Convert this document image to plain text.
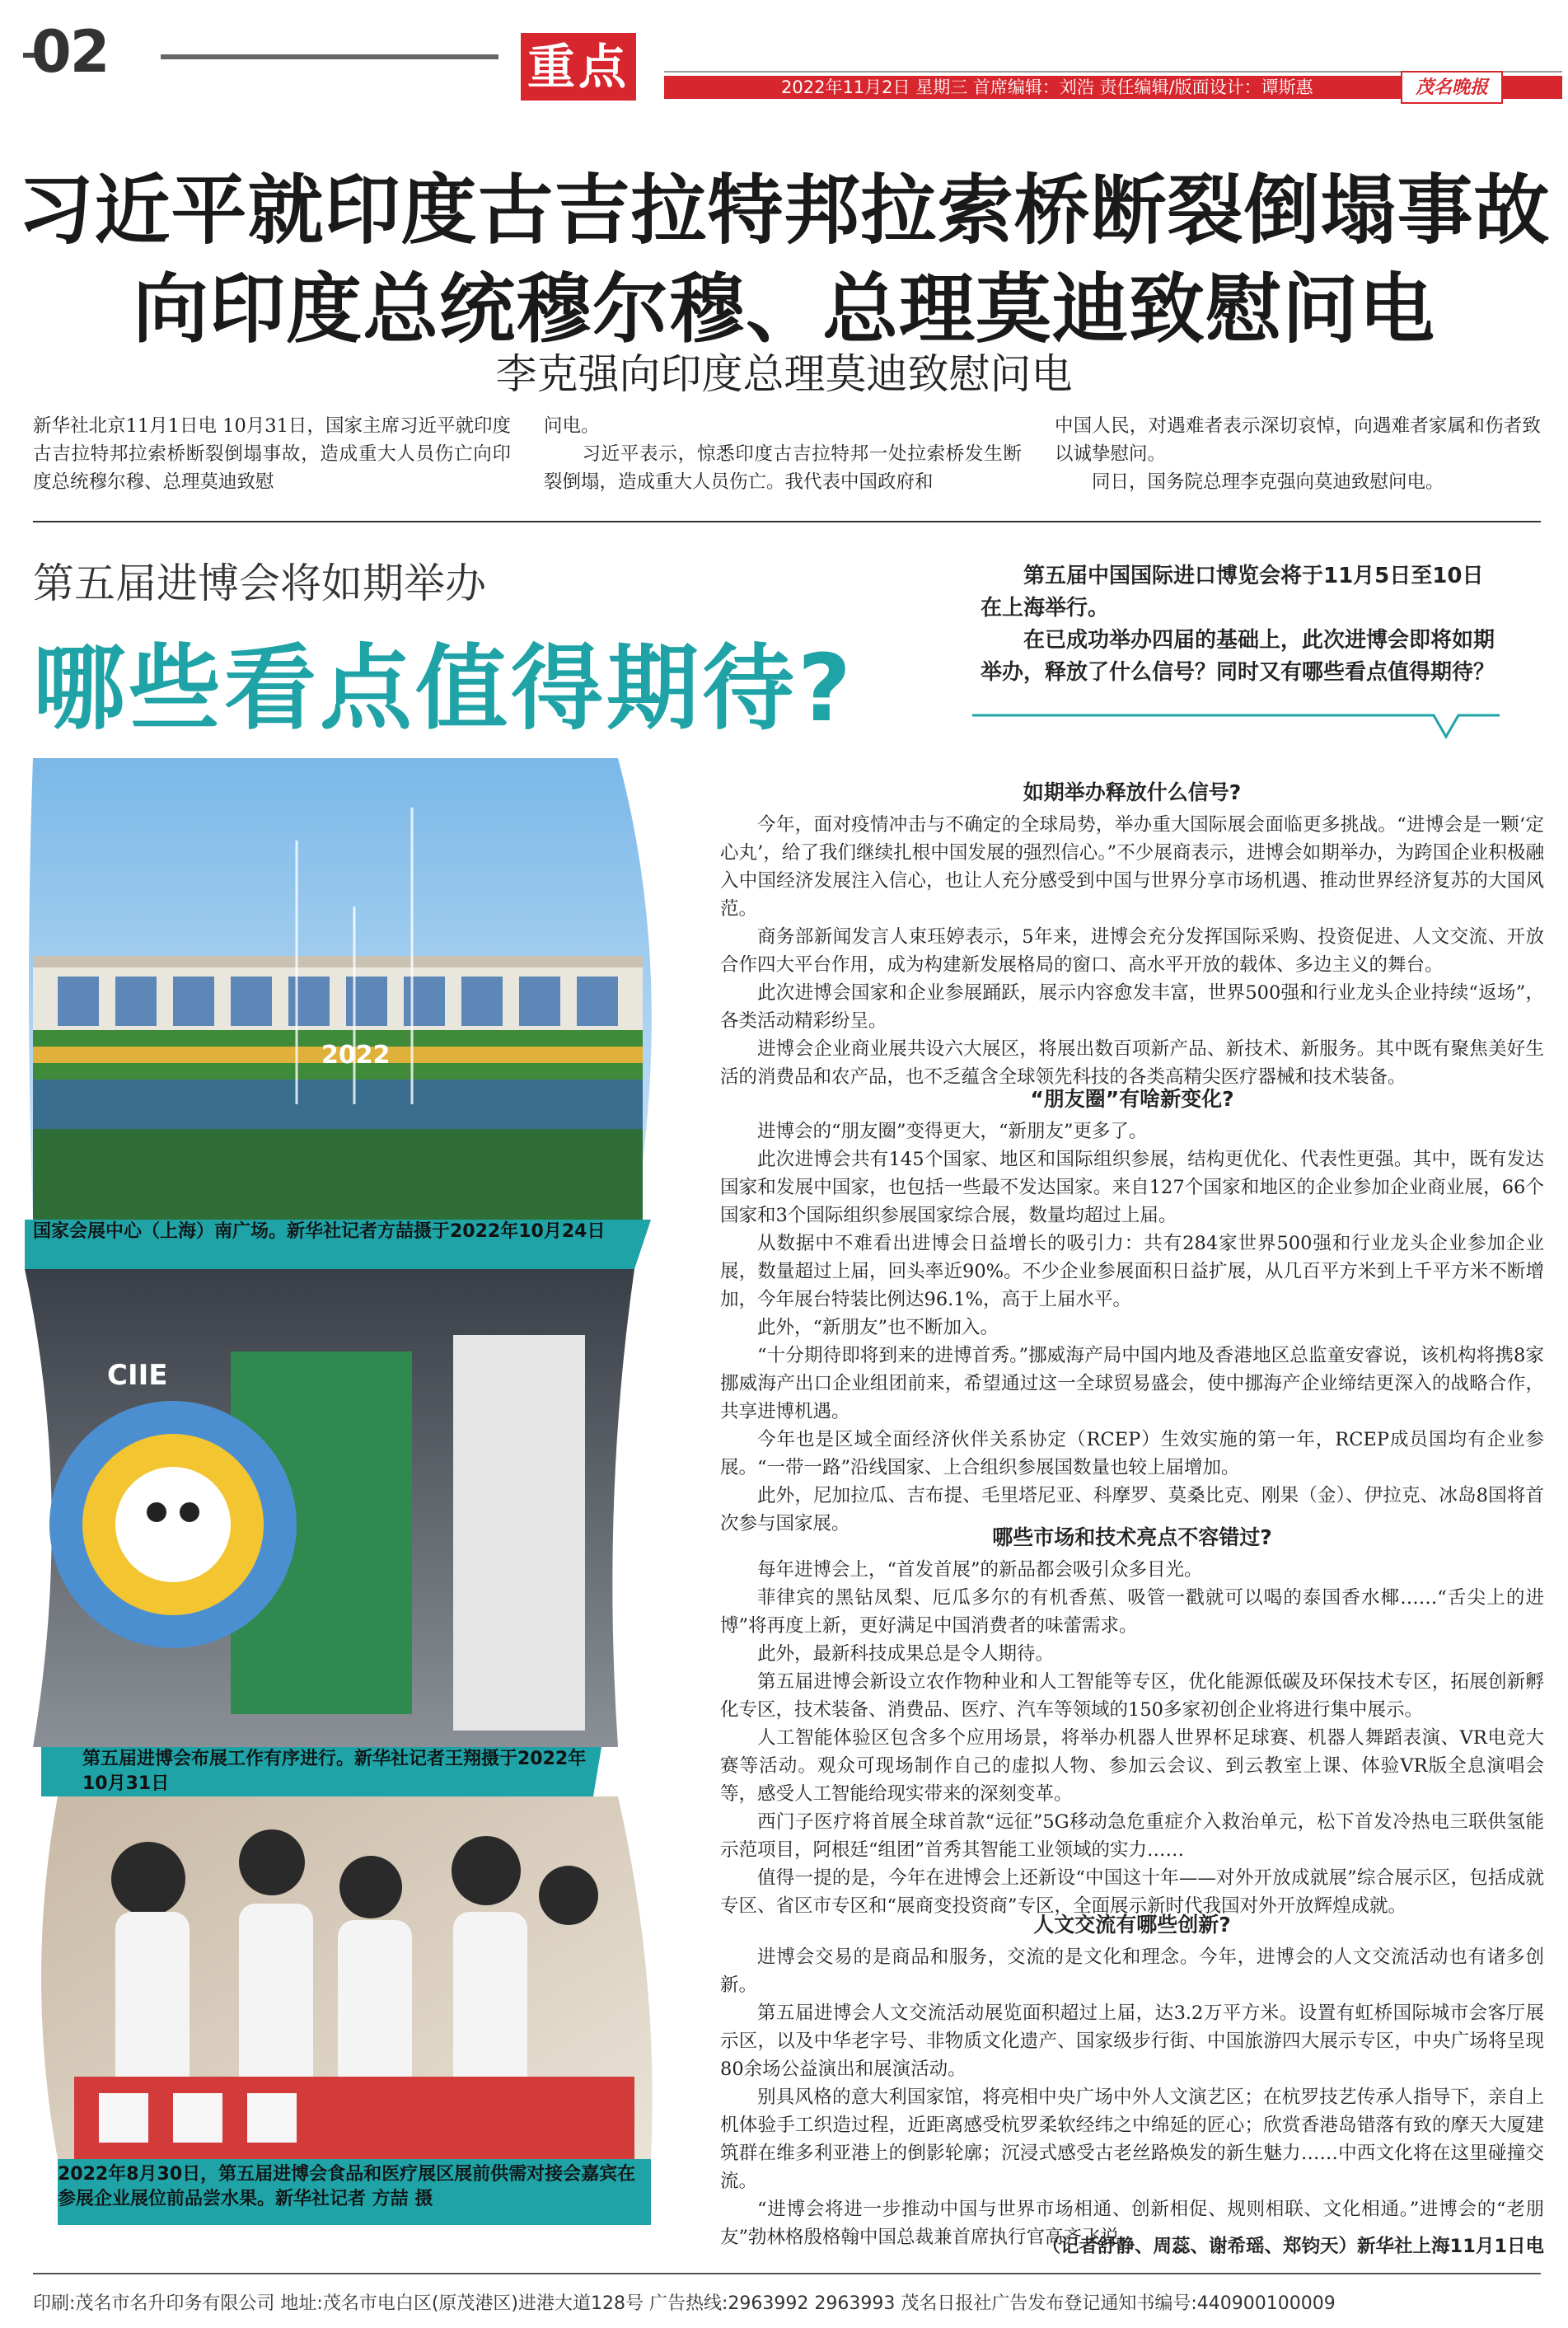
02	重点	2022年11月2日 星期三 首席编辑：刘浩 责任编辑/版面设计：谭斯惠	茂名晚报
习近平就印度古吉拉特邦拉索桥断裂倒塌事故
向印度总统穆尔穆、总理莫迪致慰问电
李克强向印度总理莫迪致慰问电
新华社北京11月1日电 10月31日，国家主席习近平就印度古吉拉特邦拉索桥断裂倒塌事故，造成重大人员伤亡向印度总统穆尔穆、总理莫迪致慰
问电。
　　习近平表示，惊悉印度古吉拉特邦一处拉索桥发生断裂倒塌，造成重大人员伤亡。我代表中国政府和
中国人民，对遇难者表示深切哀悼，向遇难者家属和伤者致以诚挚慰问。
　　同日，国务院总理李克强向莫迪致慰问电。
第五届进博会将如期举办
哪些看点值得期待?
　　第五届中国国际进口博览会将于11月5日至10日在上海举行。
　　在已成功举办四届的基础上，此次进博会即将如期举办，释放了什么信号？同时又有哪些看点值得期待？
2022
CIIE
国家会展中心（上海）南广场。新华社记者方喆摄于2022年10月24日
第五届进博会布展工作有序进行。新华社记者王翔摄于2022年10月31日
2022年8月30日，第五届进博会食品和医疗展区展前供需对接会嘉宾在参展企业展位前品尝水果。新华社记者 方喆 摄
如期举办释放什么信号?

今年，面对疫情冲击与不确定的全球局势，举办重大国际展会面临更多挑战。“进博会是一颗‘定心丸’，给了我们继续扎根中国发展的强烈信心。”不少展商表示，进博会如期举办，为跨国企业积极融入中国经济发展注入信心，也让人充分感受到中国与世界分享市场机遇、推动世界经济复苏的大国风范。

商务部新闻发言人束珏婷表示，5年来，进博会充分发挥国际采购、投资促进、人文交流、开放合作四大平台作用，成为构建新发展格局的窗口、高水平开放的载体、多边主义的舞台。

此次进博会国家和企业参展踊跃，展示内容愈发丰富，世界500强和行业龙头企业持续“返场”，各类活动精彩纷呈。

进博会企业商业展共设六大展区，将展出数百项新产品、新技术、新服务。其中既有聚焦美好生活的消费品和农产品，也不乏蕴含全球领先科技的各类高精尖医疗器械和技术装备。

“朋友圈”有啥新变化?

进博会的“朋友圈”变得更大，“新朋友”更多了。

此次进博会共有145个国家、地区和国际组织参展，结构更优化、代表性更强。其中，既有发达国家和发展中国家，也包括一些最不发达国家。来自127个国家和地区的企业参加企业商业展，66个国家和3个国际组织参展国家综合展，数量均超过上届。

从数据中不难看出进博会日益增长的吸引力：共有284家世界500强和行业龙头企业参加企业展，数量超过上届，回头率近90%。不少企业参展面积日益扩展，从几百平方米到上千平方米不断增加，今年展台特装比例达96.1%，高于上届水平。

此外，“新朋友”也不断加入。

“十分期待即将到来的进博首秀。”挪威海产局中国内地及香港地区总监童安睿说，该机构将携8家挪威海产出口企业组团前来，希望通过这一全球贸易盛会，使中挪海产企业缔结更深入的战略合作，共享进博机遇。

今年也是区域全面经济伙伴关系协定（RCEP）生效实施的第一年，RCEP成员国均有企业参展。“一带一路”沿线国家、上合组织参展国数量也较上届增加。

此外，尼加拉瓜、吉布提、毛里塔尼亚、科摩罗、莫桑比克、刚果（金）、伊拉克、冰岛8国将首次参与国家展。

哪些市场和技术亮点不容错过?

每年进博会上，“首发首展”的新品都会吸引众多目光。

菲律宾的黑钻凤梨、厄瓜多尔的有机香蕉、吸管一戳就可以喝的泰国香水椰……“舌尖上的进博”将再度上新，更好满足中国消费者的味蕾需求。

此外，最新科技成果总是令人期待。

第五届进博会新设立农作物种业和人工智能等专区，优化能源低碳及环保技术专区，拓展创新孵化专区，技术装备、消费品、医疗、汽车等领域的150多家初创企业将进行集中展示。

人工智能体验区包含多个应用场景，将举办机器人世界杯足球赛、机器人舞蹈表演、VR电竞大赛等活动。观众可现场制作自己的虚拟人物、参加云会议、到云教室上课、体验VR版全息演唱会等，感受人工智能给现实带来的深刻变革。

西门子医疗将首展全球首款“远征”5G移动急危重症介入救治单元，松下首发冷热电三联供氢能示范项目，阿根廷“组团”首秀其智能工业领域的实力……

值得一提的是，今年在进博会上还新设“中国这十年——对外开放成就展”综合展示区，包括成就专区、省区市专区和“展商变投资商”专区，全面展示新时代我国对外开放辉煌成就。

人文交流有哪些创新?

进博会交易的是商品和服务，交流的是文化和理念。今年，进博会的人文交流活动也有诸多创新。

第五届进博会人文交流活动展览面积超过上届，达3.2万平方米。设置有虹桥国际城市会客厅展示区，以及中华老字号、非物质文化遗产、国家级步行街、中国旅游四大展示专区，中央广场将呈现80余场公益演出和展演活动。

别具风格的意大利国家馆，将亮相中央广场中外人文演艺区；在杭罗技艺传承人指导下，亲自上机体验手工织造过程，近距离感受杭罗柔软经纬之中绵延的匠心；欣赏香港岛错落有致的摩天大厦建筑群在维多利亚港上的倒影轮廓；沉浸式感受古老丝路焕发的新生魅力……中西文化将在这里碰撞交流。

“进博会将进一步推动中国与世界市场相通、创新相促、规则相联、文化相通。”进博会的“老朋友”勃林格殷格翰中国总裁兼首席执行官高齐飞说。

（记者舒静、周蕊、谢希瑶、郑钧天）新华社上海11月1日电
印刷:茂名市名升印务有限公司 地址:茂名市电白区(原茂港区)进港大道128号 广告热线:2963992 2963993 茂名日报社广告发布登记通知书编号:440900100009
